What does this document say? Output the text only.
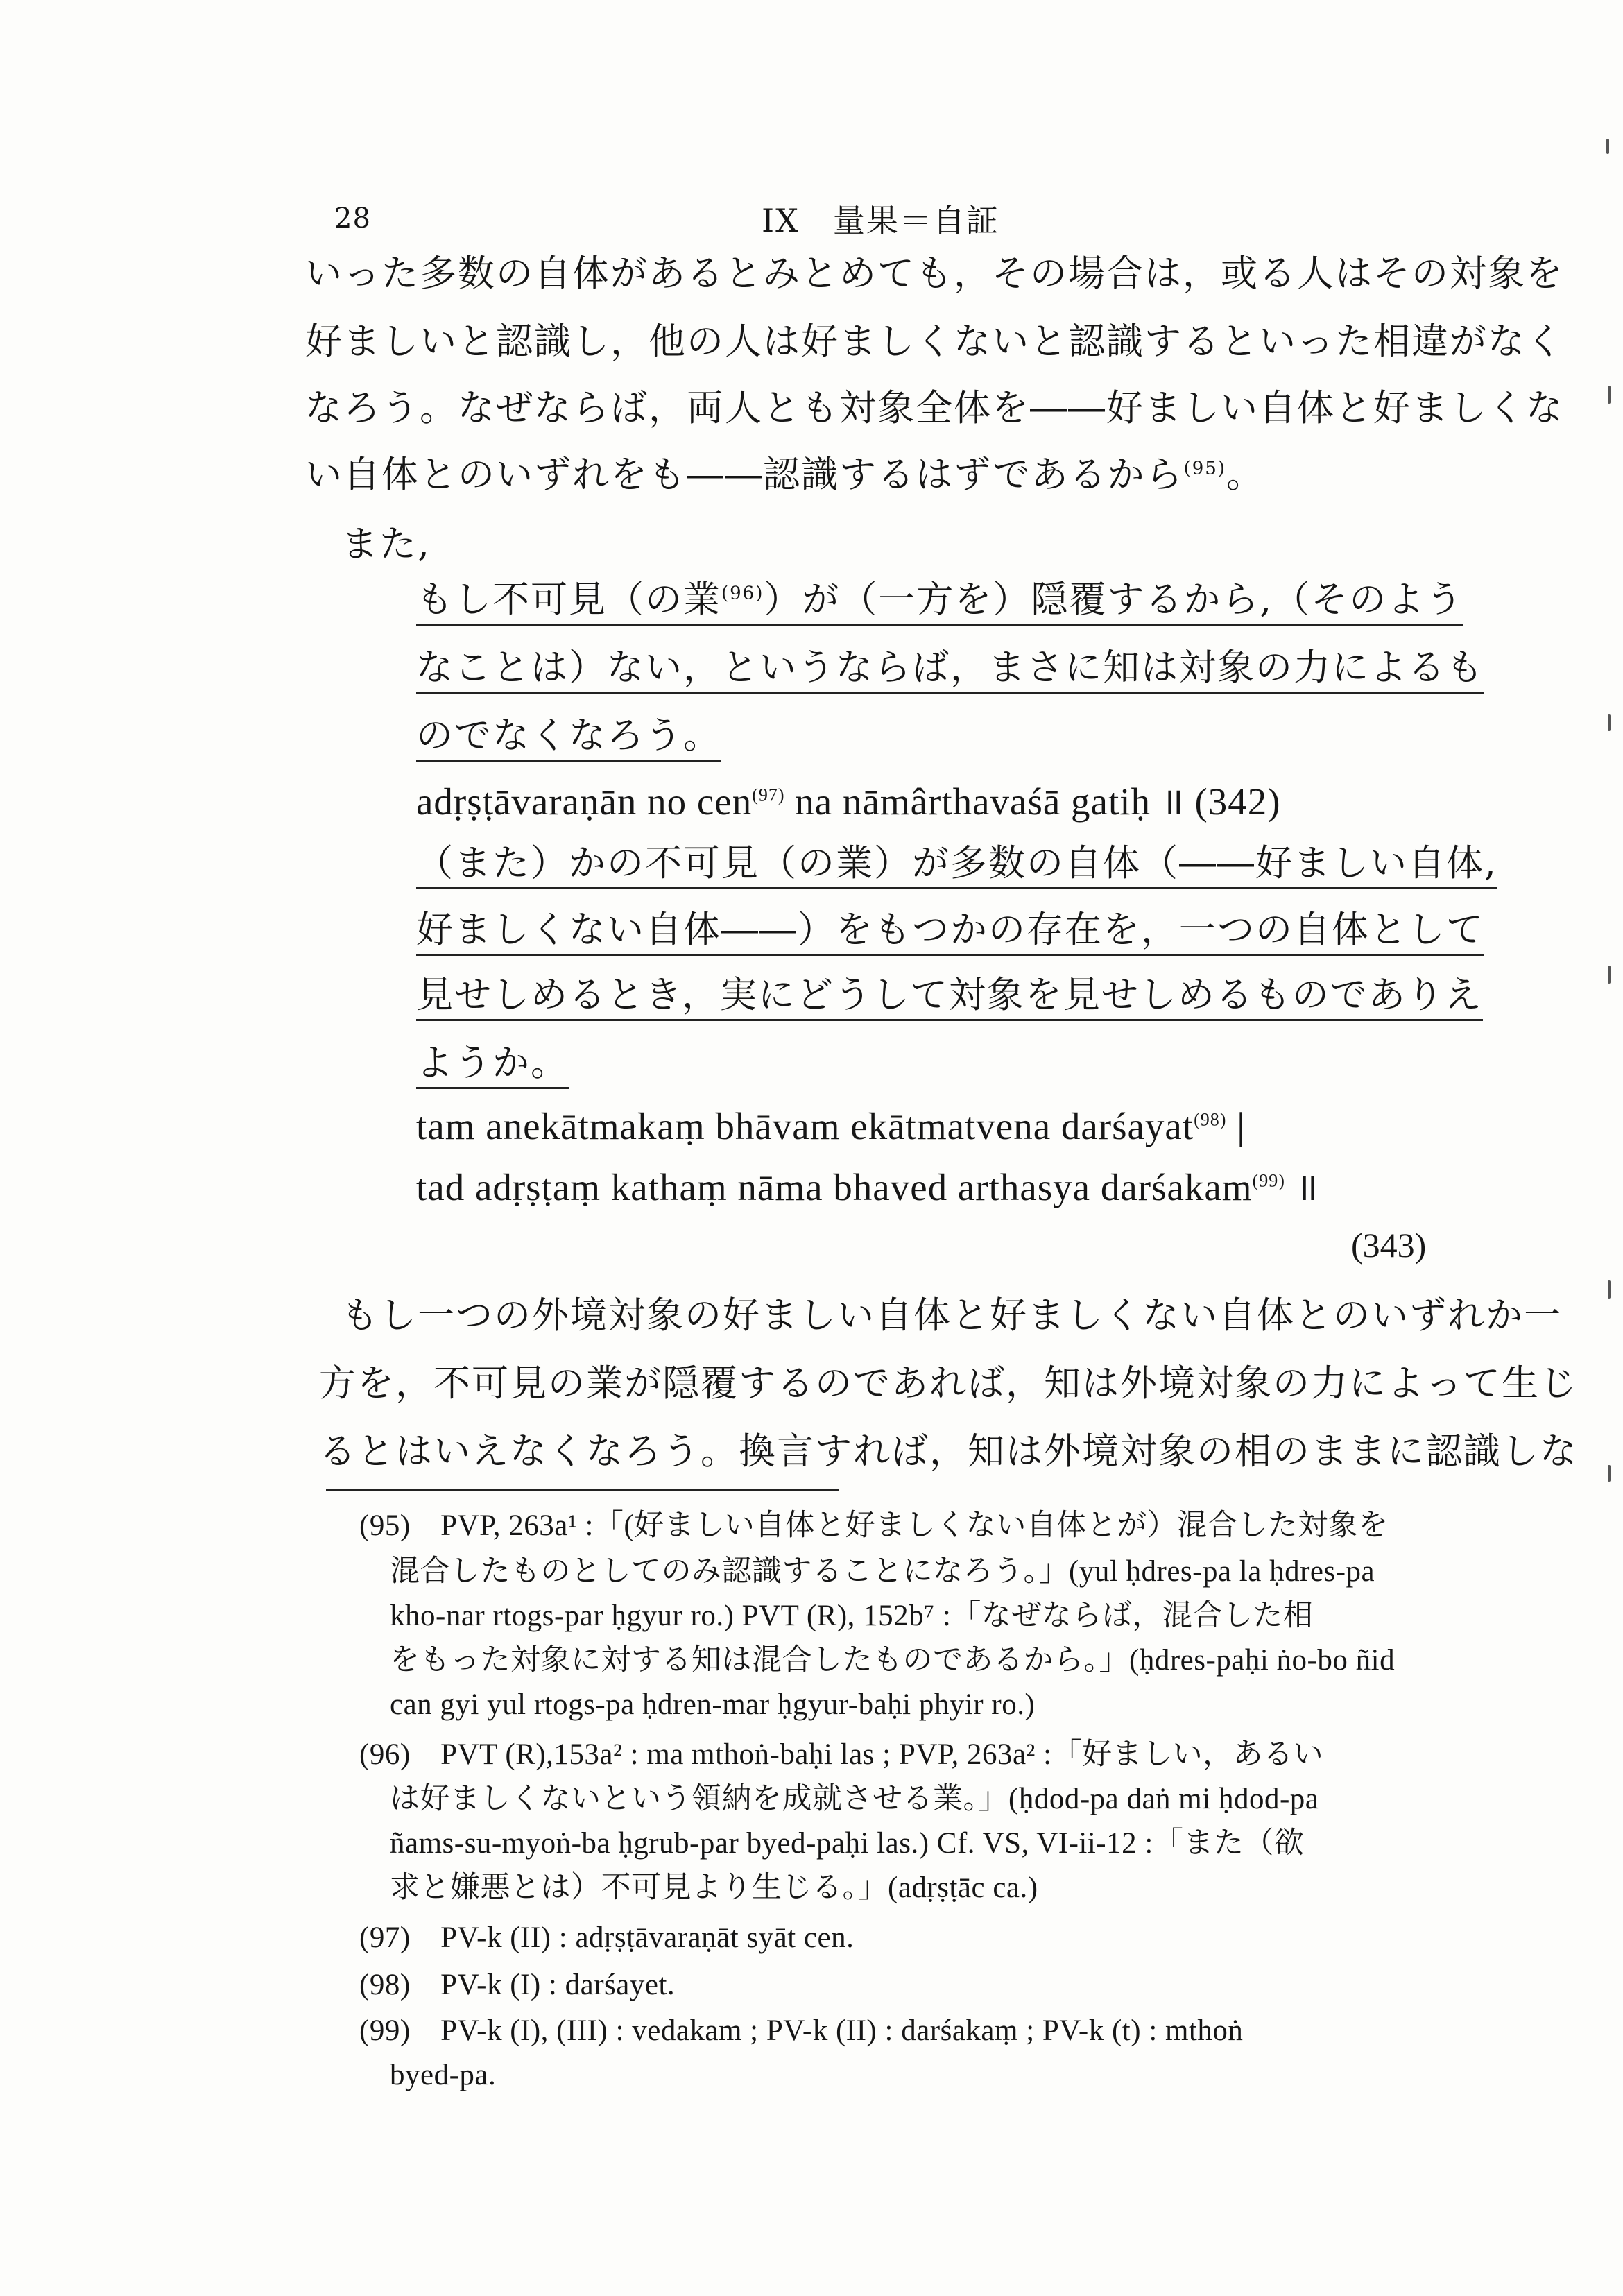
28	IX　量果＝自証
いった多数の自体があるとみとめても，その場合は，或る人はその対象を
好ましいと認識し，他の人は好ましくないと認識するといった相違がなく
なろう。なぜならば，両人とも対象全体を――好ましい自体と好ましくな
い自体とのいずれをも――認識するはずであるから$^{(95)}$。
また,
もし不可見（の業$^{(96)}$）が（一方を）隠覆するから,（そのよう
なことは）ない，というならば，まさに知は対象の力によるも
のでなくなろう。
adṛṣṭāvaraṇān no cen$^{(97)}$ na nāmârthavaśā gatiḥ ॥ (342)
（また）かの不可見（の業）が多数の自体（――好ましい自体,
好ましくない自体――）をもつかの存在を，一つの自体として
見せしめるとき，実にどうして対象を見せしめるものでありえ
ようか。
tam anekātmakaṃ bhāvam ekātmatvena darśayat$^{(98)}$ |
tad adṛṣṭaṃ kathaṃ nāma bhaved arthasya darśakam$^{(99)}$ ॥
(343)
もし一つの外境対象の好ましい自体と好ましくない自体とのいずれか一
方を，不可見の業が隠覆するのであれば，知は外境対象の力によって生じ
るとはいえなくなろう。換言すれば，知は外境対象の相のままに認識しな
(95)　PVP, 263a¹ :「(好ましい自体と好ましくない自体とが）混合した対象を
混合したものとしてのみ認識することになろう。」(yul ḥdres-pa la ḥdres-pa
kho-nar rtogs-par ḥgyur ro.) PVT (R), 152b⁷ :「なぜならば，混合した相
をもった対象に対する知は混合したものであるから。」(ḥdres-paḥi ṅo-bo ñid
can gyi yul rtogs-pa ḥdren-mar ḥgyur-baḥi phyir ro.)
(96)　PVT (R),153a² : ma mthoṅ-baḥi las ; PVP, 263a² :「好ましい，あるい
は好ましくないという領納を成就させる業。」(ḥdod-pa daṅ mi ḥdod-pa
ñams-su-myoṅ-ba ḥgrub-par byed-paḥi las.) Cf. VS, VI-ii-12 :「また（欲
求と嫌悪とは）不可見より生じる。」(adṛṣṭāc ca.)
(97)　PV-k (II) : adṛṣṭāvaraṇāt syāt cen.
(98)　PV-k (I) : darśayet.
(99)　PV-k (I), (III) : vedakam ; PV-k (II) : darśakaṃ ; PV-k (t) : mthoṅ
byed-pa.
